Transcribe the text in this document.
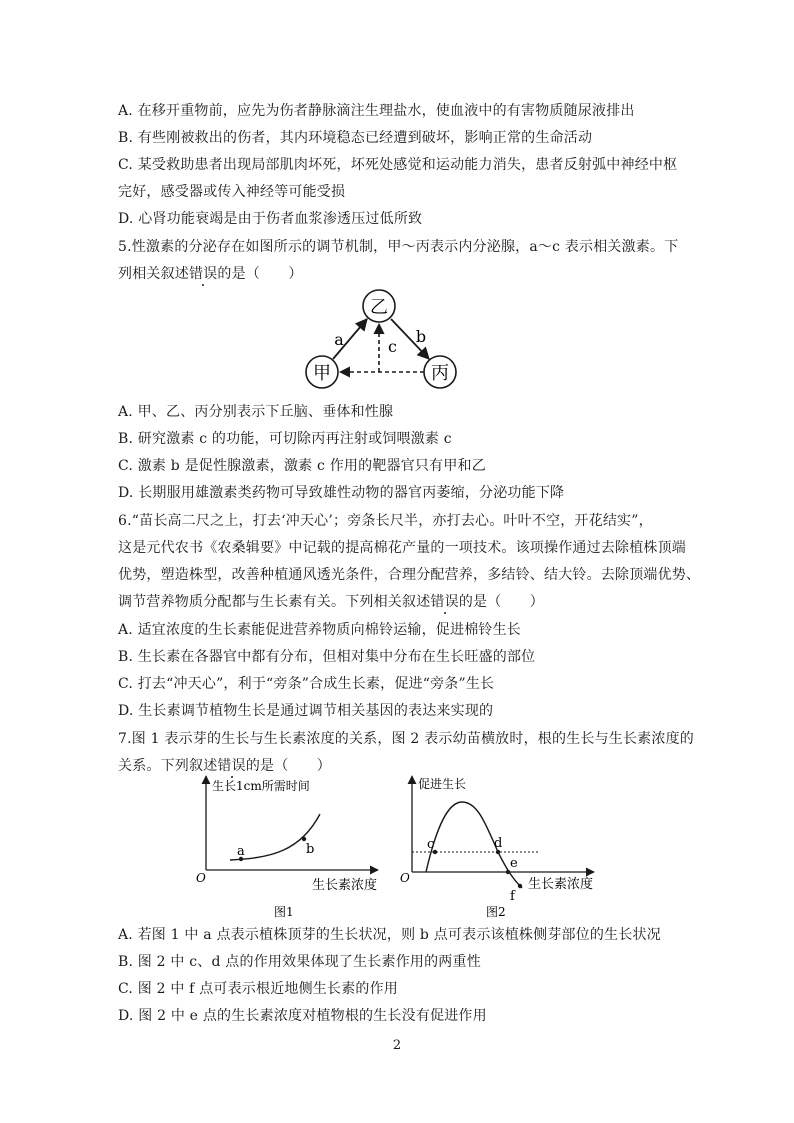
A. 在移开重物前，应先为伤者静脉滴注生理盐水，使血液中的有害物质随尿液排出
B. 有些刚被救出的伤者，其内环境稳态已经遭到破坏，影响正常的生命活动
C. 某受救助患者出现局部肌肉坏死，坏死处感觉和运动能力消失，患者反射弧中神经中枢
完好，感受器或传入神经等可能受损
D. 心肾功能衰竭是由于伤者血浆渗透压过低所致
5.性激素的分泌存在如图所示的调节机制，甲～丙表示内分泌腺，a～c 表示相关激素。下
列相关叙述错误的是（　　）
乙
甲	丙
a	b
c
A. 甲、乙、丙分别表示下丘脑、垂体和性腺
B. 研究激素 c 的功能，可切除丙再注射或饲喂激素 c
C. 激素 b 是促性腺激素，激素 c 作用的靶器官只有甲和乙
D. 长期服用雄激素类药物可导致雄性动物的器官丙萎缩，分泌功能下降
6.“苗长高二尺之上，打去‘冲天心’；旁条长尺半，亦打去心。叶叶不空，开花结实”，
这是元代农书《农桑辑要》中记载的提高棉花产量的一项技术。该项操作通过去除植株顶端
优势，塑造株型，改善种植通风透光条件，合理分配营养，多结铃、结大铃。去除顶端优势、
调节营养物质分配都与生长素有关。下列相关叙述错误的是（　　）
A. 适宜浓度的生长素能促进营养物质向棉铃运输，促进棉铃生长
B. 生长素在各器官中都有分布，但相对集中分布在生长旺盛的部位
C. 打去“冲天心”，利于“旁条”合成生长素，促进“旁条”生长
D. 生长素调节植物生长是通过调节相关基因的表达来实现的
7.图 1 表示芽的生长与生长素浓度的关系，图 2 表示幼苗横放时，根的生长与生长素浓度的
关系。下列叙述错误的是（　　）
生长1cm所需时间
O	生长素浓度
a	b
图1
促进生长
O	生长素浓度
c	d
e
f
图2
A. 若图 1 中 a 点表示植株顶芽的生长状况，则 b 点可表示该植株侧芽部位的生长状况
B. 图 2 中 c、d 点的作用效果体现了生长素作用的两重性
C. 图 2 中 f 点可表示根近地侧生长素的作用
D. 图 2 中 e 点的生长素浓度对植物根的生长没有促进作用
2
